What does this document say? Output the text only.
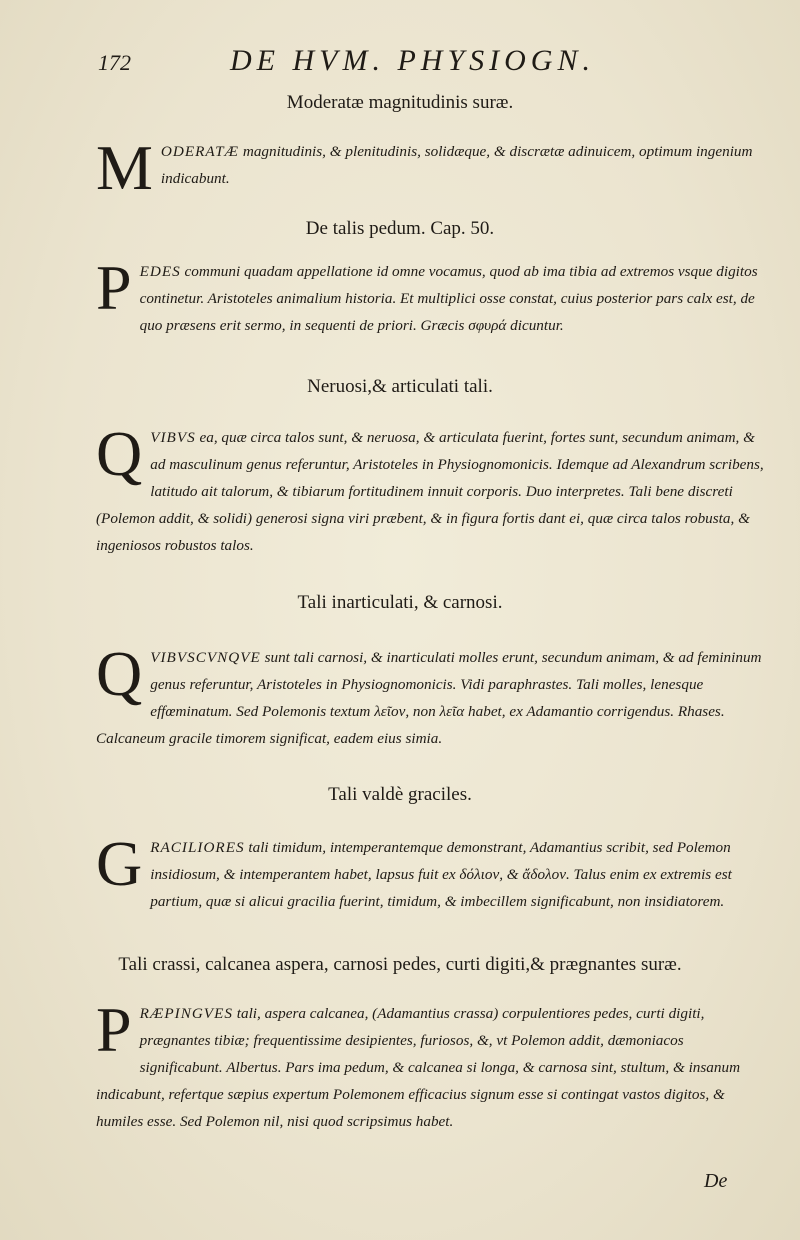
172	DE HVM. PHYSIOGN.
Moderatæ magnitudinis suræ.
MODERATÆ magnitudinis, & plenitudinis, solidæque, & discrætæ adinuicem, optimum ingenium indicabunt.
De talis pedum. Cap. 50.
PEDES communi quadam appellatione id omne vocamus, quod ab ima tibia ad extremos vsque digitos continetur. Aristoteles animalium historia. Et multiplici osse constat, cuius posterior pars calx est, de quo præsens erit sermo, in sequenti de priori. Græcis σφυρά dicuntur.
Neruosi,& articulati tali.
QVIBVS ea, quæ circa talos sunt, & neruosa, & articulata fuerint, fortes sunt, secundum animam, & ad masculinum genus referuntur, Aristoteles in Physiognomonicis. Idemque ad Alexandrum scribens, latitudo ait talorum, & tibiarum fortitudinem innuit corporis. Duo interpretes. Tali bene discreti (Polemon addit, & solidi) generosi signa viri præbent, & in figura fortis dant ei, quæ circa talos robusta, & ingeniosos robustos talos.
Tali inarticulati, & carnosi.
QVIBVSCVNQVE sunt tali carnosi, & inarticulati molles erunt, secundum animam, & ad femininum genus referuntur, Aristoteles in Physiognomonicis. Vidi paraphrastes. Tali molles, lenesque effœminatum. Sed Polemonis textum λεῖον, non λεῖα habet, ex Adamantio corrigendus. Rhases. Calcaneum gracile timorem significat, eadem eius simia.
Tali valdè graciles.
GRACILIORES tali timidum, intemperantemque demonstrant, Adamantius scribit, sed Polemon insidiosum, & intemperantem habet, lapsus fuit ex δόλιον, & ἄδολον. Talus enim ex extremis est partium, quæ si alicui gracilia fuerint, timidum, & imbecillem significabunt, non insidiatorem.
Tali crassi, calcanea aspera, carnosi pedes, curti digiti,& prægnantes suræ.
PRÆPINGVES tali, aspera calcanea, (Adamantius crassa) corpulentiores pedes, curti digiti, prægnantes tibiæ; frequentissime desipientes, furiosos, &, vt Polemon addit, dæmoniacos significabunt. Albertus. Pars ima pedum, & calcanea si longa, & carnosa sint, stultum, & insanum indicabunt, refertque sæpius expertum Polemonem efficacius signum esse si contingat vastos digitos, & humiles esse. Sed Polemon nil, nisi quod scripsimus habet.
De
